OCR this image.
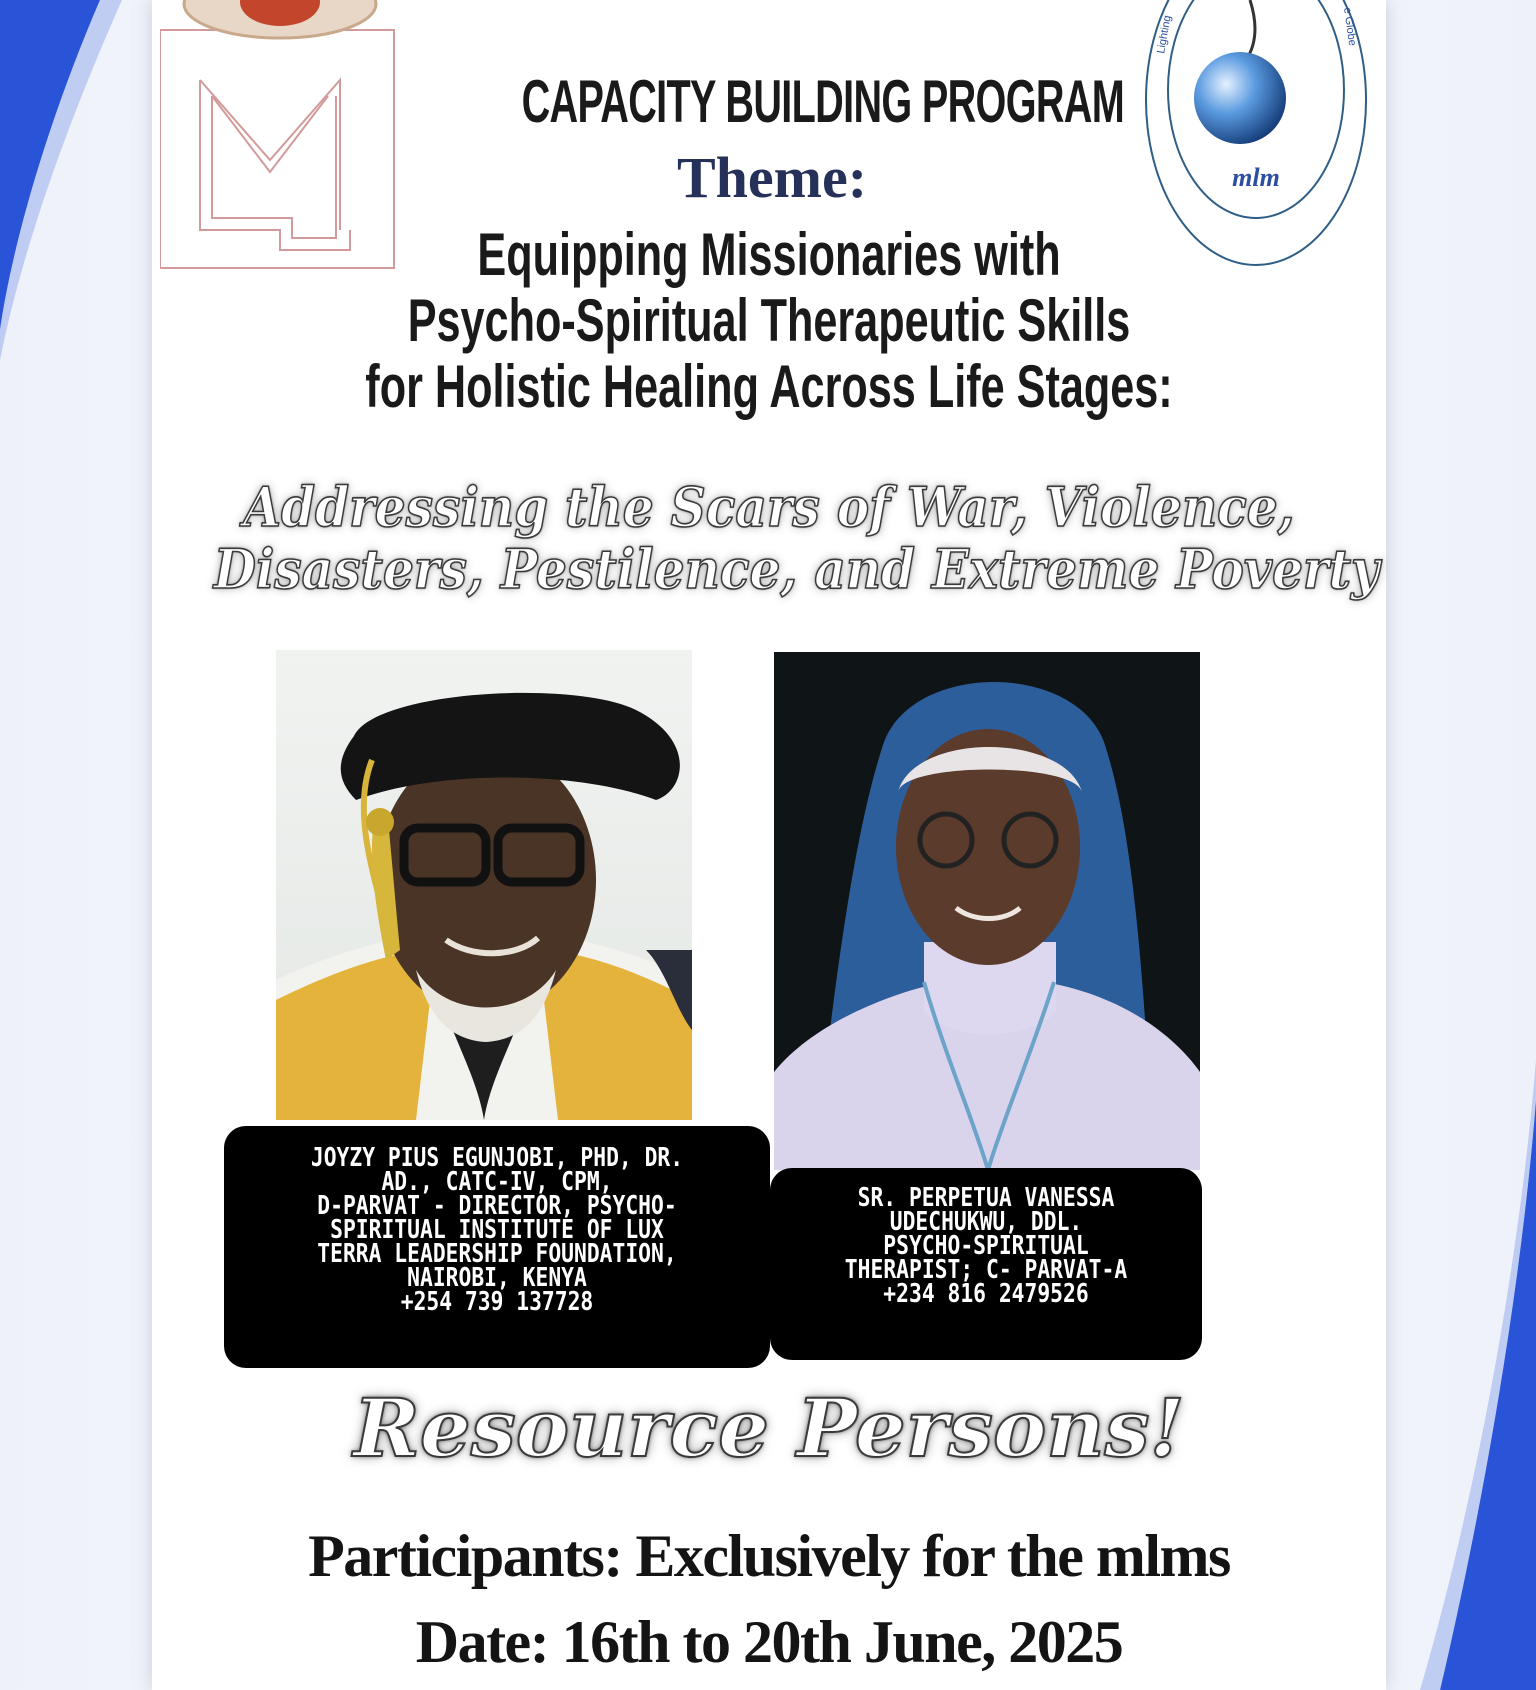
mlm
Lighting	e Globe
CAPACITY BUILDING PROGRAM
Theme:
Equipping Missionaries with
Psycho-Spiritual Therapeutic Skills
for Holistic Healing Across Life Stages:
Addressing the Scars of War, Violence,
Disasters, Pestilence, and Extreme Poverty
JOYZY PIUS EGUNJOBI, PHD, DR.
AD., CATC-IV, CPM,
D-PARVAT - DIRECTOR, PSYCHO-
SPIRITUAL INSTITUTE OF LUX
TERRA LEADERSHIP FOUNDATION,
NAIROBI, KENYA
+254 739 137728
SR. PERPETUA VANESSA
UDECHUKWU, DDL.
PSYCHO-SPIRITUAL
THERAPIST; C- PARVAT-A
+234 816 2479526
Resource Persons!
Participants: Exclusively for the mlms
Date: 16th to 20th June, 2025
